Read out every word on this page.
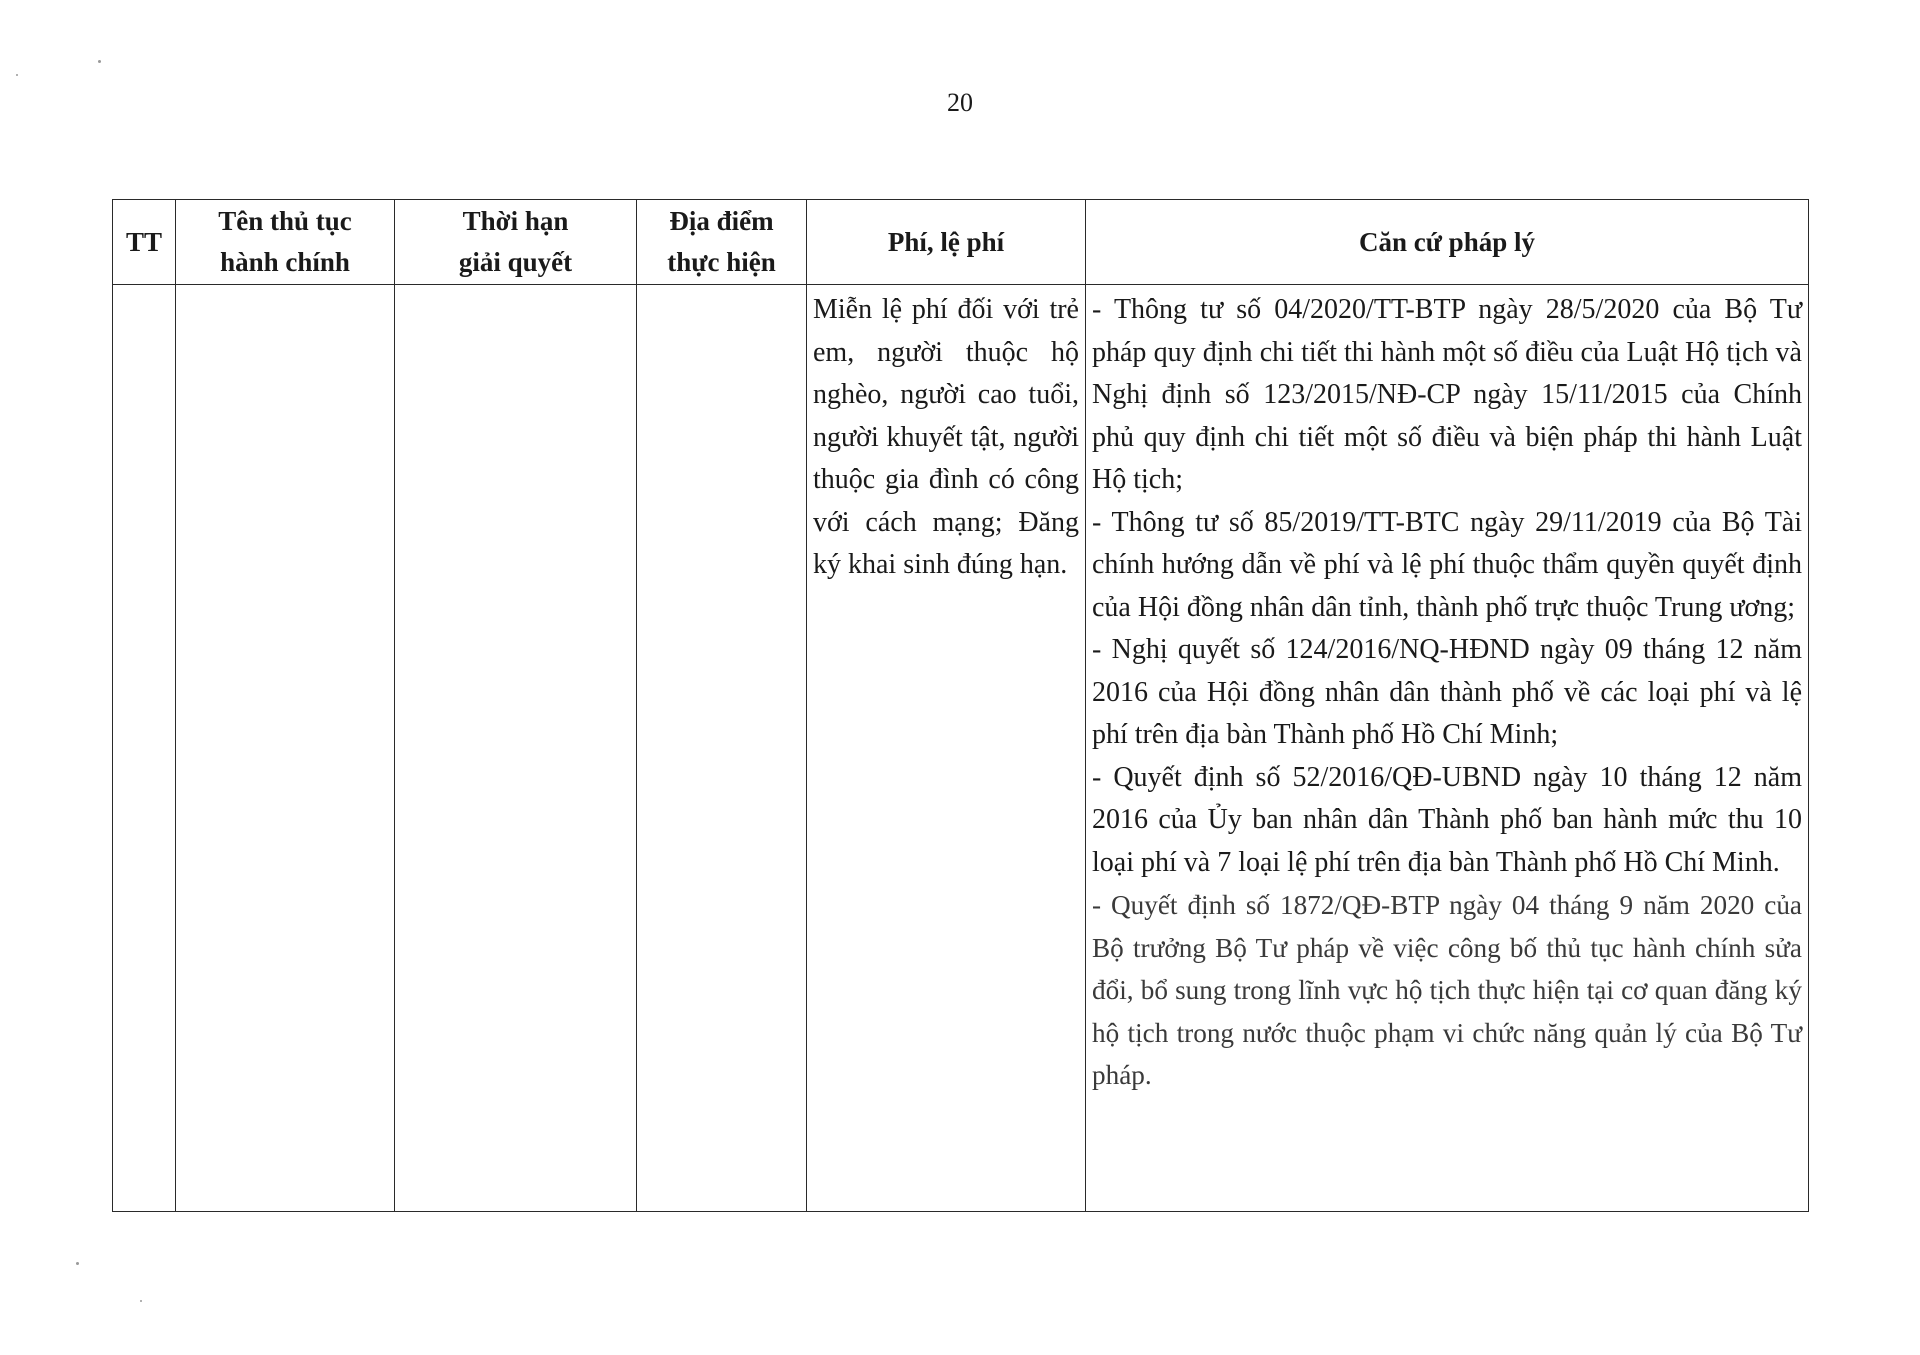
20
TT	Tên thủ tục hành chính	Thời hạn giải quyết	Địa điểm thực hiện	Phí, lệ phí	Căn cứ pháp lý

				Miễn lệ phí đối với trẻ em, người thuộc hộ nghèo, người cao tuổi, người khuyết tật, người thuộc gia đình có công với cách mạng; Đăng ký khai sinh đúng hạn.	- Thông tư số 04/2020/TT-BTP ngày 28/5/2020 của Bộ Tư pháp quy định chi tiết thi hành một số điều của Luật Hộ tịch và Nghị định số 123/2015/NĐ-CP ngày 15/11/2015 của Chính phủ quy định chi tiết một số điều và biện pháp thi hành Luật Hộ tịch;

- Thông tư số 85/2019/TT-BTC ngày 29/11/2019 của Bộ Tài chính hướng dẫn về phí và lệ phí thuộc thẩm quyền quyết định của Hội đồng nhân dân tỉnh, thành phố trực thuộc Trung ương;

- Nghị quyết số 124/2016/NQ-HĐND ngày 09 tháng 12 năm 2016 của Hội đồng nhân dân thành phố về các loại phí và lệ phí trên địa bàn Thành phố Hồ Chí Minh;

- Quyết định số 52/2016/QĐ-UBND ngày 10 tháng 12 năm 2016 của Ủy ban nhân dân Thành phố ban hành mức thu 10 loại phí và 7 loại lệ phí trên địa bàn Thành phố Hồ Chí Minh.

- Quyết định số 1872/QĐ-BTP ngày 04 tháng 9 năm 2020 của Bộ trưởng Bộ Tư pháp về việc công bố thủ tục hành chính sửa đổi, bổ sung trong lĩnh vực hộ tịch thực hiện tại cơ quan đăng ký hộ tịch trong nước thuộc phạm vi chức năng quản lý của Bộ Tư pháp.
